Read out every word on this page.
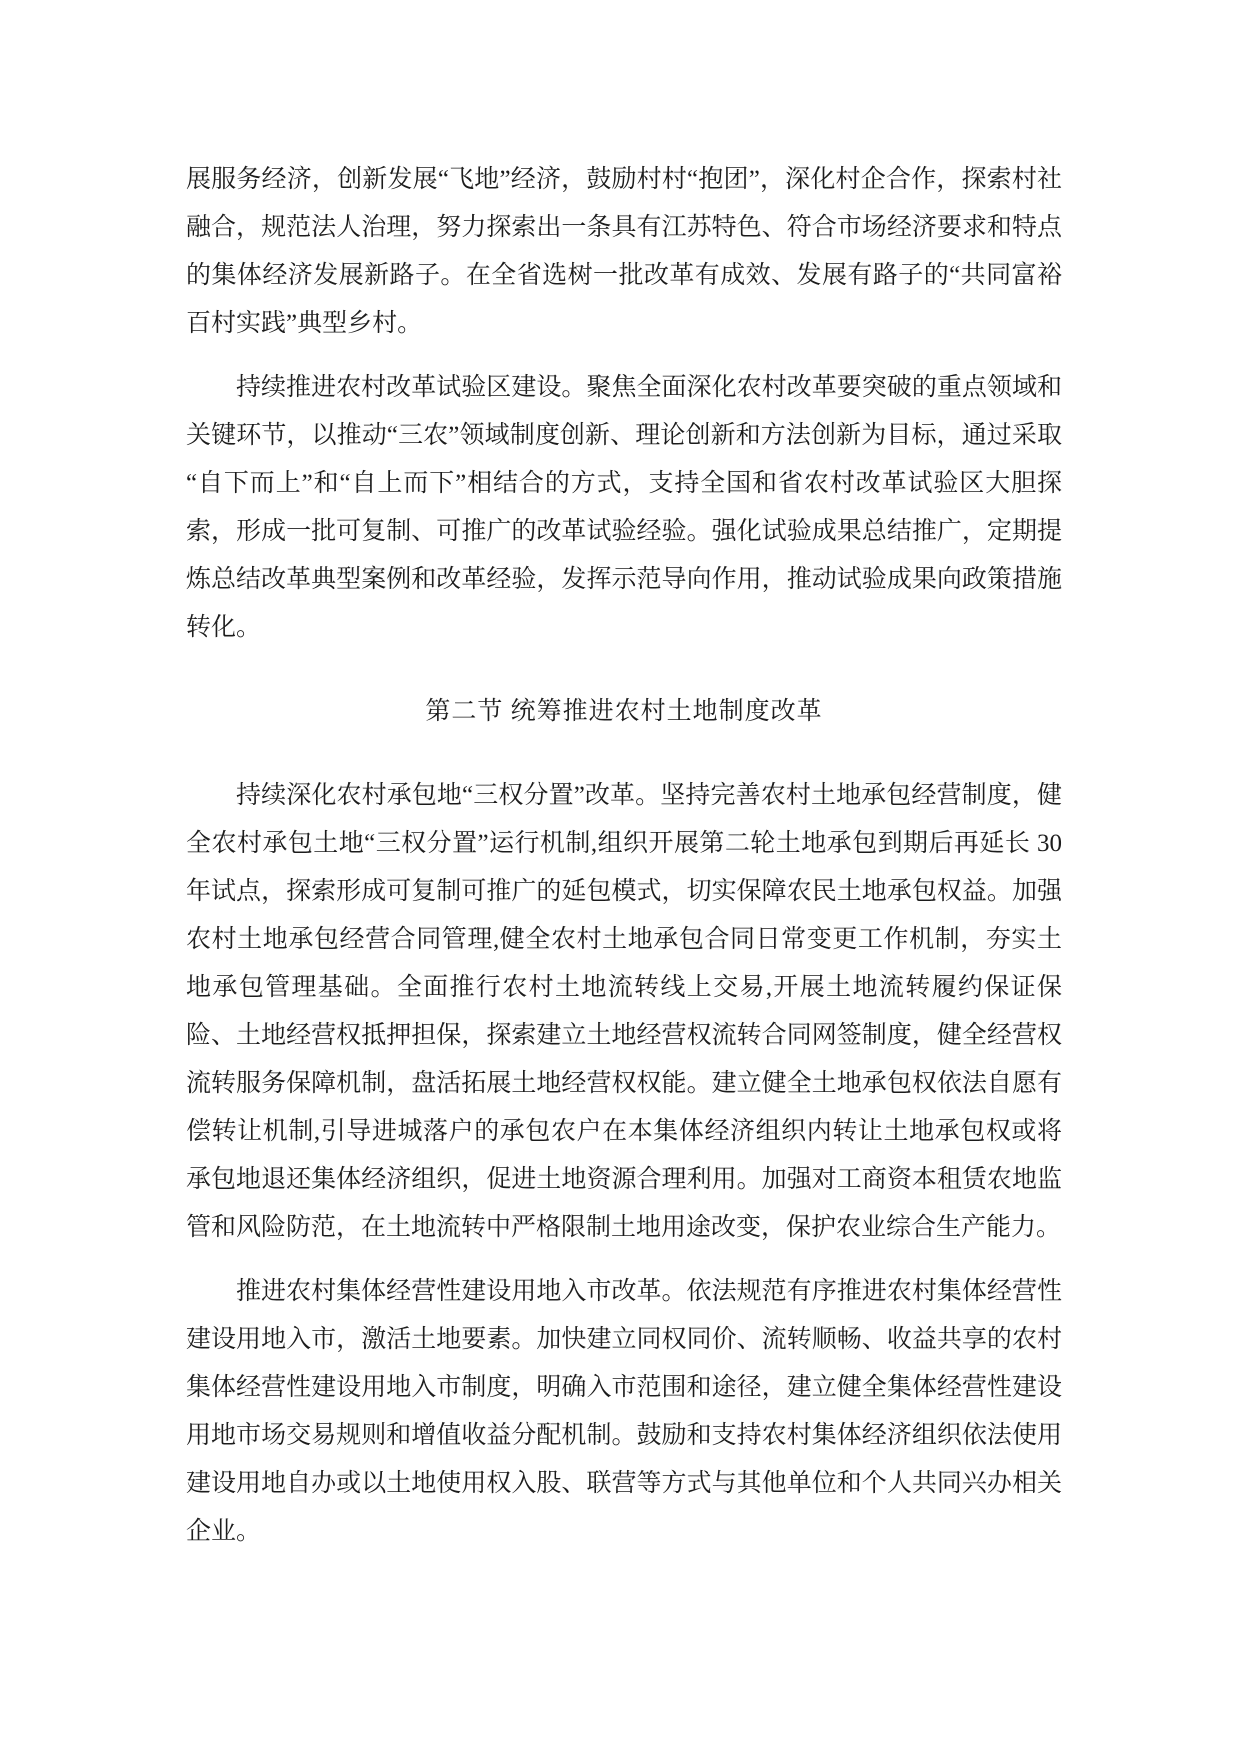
展服务经济，创新发展“飞地”经济，鼓励村村“抱团”，深化村企合作，探索村社融合，规范法人治理，努力探索出一条具有江苏特色、符合市场经济要求和特点的集体经济发展新路子。在全省选树一批改革有成效、发展有路子的“共同富裕百村实践”典型乡村。

持续推进农村改革试验区建设。聚焦全面深化农村改革要突破的重点领域和关键环节，以推动“三农”领域制度创新、理论创新和方法创新为目标，通过采取“自下而上”和“自上而下”相结合的方式，支持全国和省农村改革试验区大胆探索，形成一批可复制、可推广的改革试验经验。强化试验成果总结推广，定期提炼总结改革典型案例和改革经验，发挥示范导向作用，推动试验成果向政策措施转化。

第二节 统筹推进农村土地制度改革

持续深化农村承包地“三权分置”改革。坚持完善农村土地承包经营制度，健全农村承包土地“三权分置”运行机制,组织开展第二轮土地承包到期后再延长 30 年试点，探索形成可复制可推广的延包模式，切实保障农民土地承包权益。加强农村土地承包经营合同管理,健全农村土地承包合同日常变更工作机制，夯实土地承包管理基础。全面推行农村土地流转线上交易,开展土地流转履约保证保险、土地经营权抵押担保，探索建立土地经营权流转合同网签制度，健全经营权流转服务保障机制，盘活拓展土地经营权权能。建立健全土地承包权依法自愿有偿转让机制,引导进城落户的承包农户在本集体经济组织内转让土地承包权或将承包地退还集体经济组织，促进土地资源合理利用。加强对工商资本租赁农地监管和风险防范，在土地流转中严格限制土地用途改变，保护农业综合生产能力。

推进农村集体经营性建设用地入市改革。依法规范有序推进农村集体经营性建设用地入市，激活土地要素。加快建立同权同价、流转顺畅、收益共享的农村集体经营性建设用地入市制度，明确入市范围和途径，建立健全集体经营性建设用地市场交易规则和增值收益分配机制。鼓励和支持农村集体经济组织依法使用建设用地自办或以土地使用权入股、联营等方式与其他单位和个人共同兴办相关企业。
